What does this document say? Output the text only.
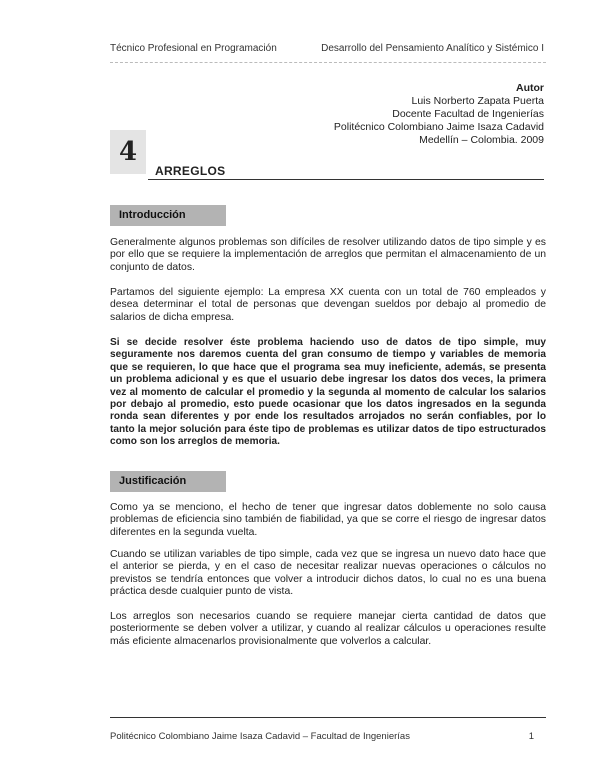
Técnico Profesional en Programación	Desarrollo del Pensamiento Analítico y Sistémico I
Autor
Luis Norberto Zapata Puerta
Docente Facultad de Ingenierías
Politécnico Colombiano Jaime Isaza Cadavid
Medellín – Colombia. 2009
4
ARREGLOS
Introducción
Generalmente algunos problemas son difíciles de resolver utilizando datos de tipo simple y es por ello que se requiere la implementación de arreglos que permitan el almacenamiento de un conjunto de datos.
Partamos del siguiente ejemplo: La empresa XX cuenta con un total de 760 empleados y desea determinar el total de personas que devengan sueldos por debajo al promedio de salarios de dicha empresa.
Si se decide resolver éste problema haciendo uso de datos de tipo simple, muy seguramente nos daremos cuenta del gran consumo de tiempo y variables de memoria que se requieren, lo que hace que el programa sea muy ineficiente, además, se presenta un problema adicional y es que el usuario debe ingresar los datos dos veces, la primera vez al momento de calcular el promedio y la segunda al momento de calcular los salarios por debajo al promedio, esto puede ocasionar que los datos ingresados en la segunda ronda sean diferentes y por ende los resultados arrojados no serán confiables, por lo tanto la mejor solución para éste tipo de problemas es utilizar datos de tipo estructurados como son los arreglos de memoria.
Justificación
Como ya se menciono, el hecho de tener que ingresar datos doblemente no solo causa problemas de eficiencia sino también de fiabilidad, ya que se corre el riesgo de ingresar datos diferentes en la segunda vuelta.
Cuando se utilizan variables de tipo simple, cada vez que se ingresa un nuevo dato hace que el anterior se pierda, y en el caso de necesitar realizar nuevas operaciones o cálculos no previstos se tendría entonces que volver a introducir dichos datos, lo cual no es una buena práctica desde cualquier punto de vista.
Los arreglos son necesarios cuando se requiere manejar cierta cantidad de datos que posteriormente se deben volver a utilizar, y cuando al realizar cálculos u operaciones resulte más eficiente almacenarlos provisionalmente que volverlos a calcular.
Politécnico Colombiano Jaime Isaza Cadavid – Facultad de Ingenierías	1
